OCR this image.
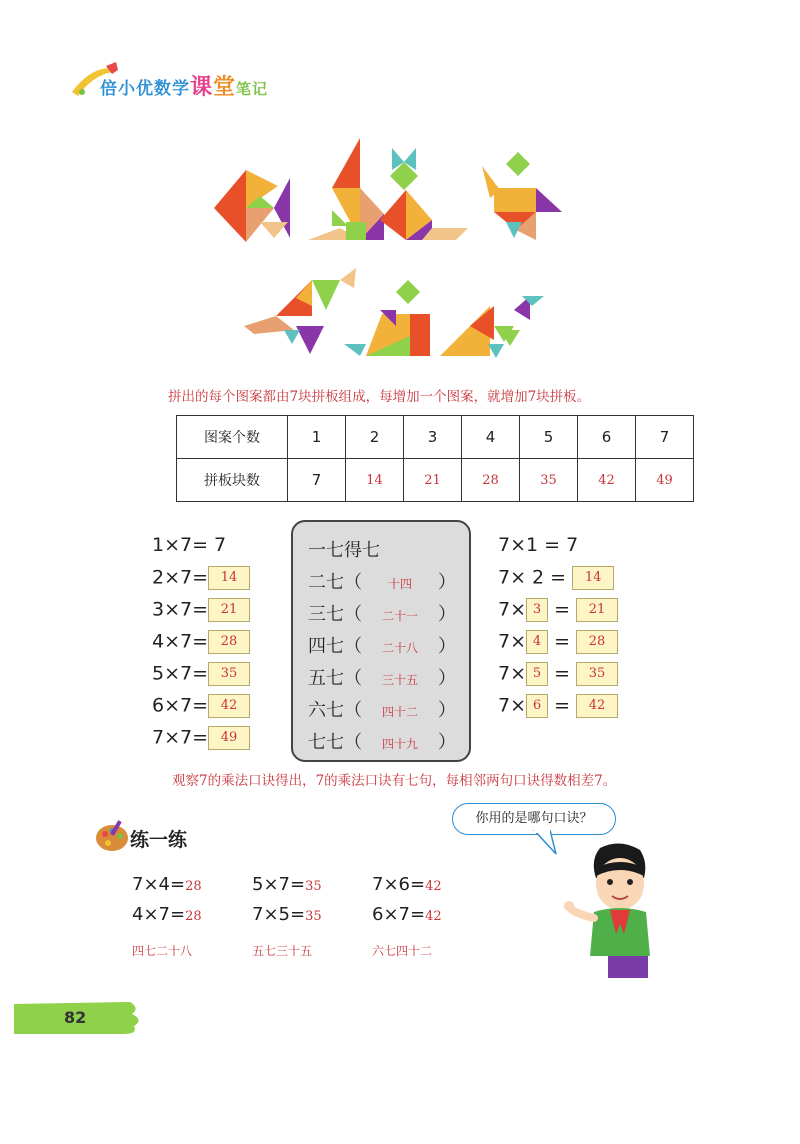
倍小优数学课堂笔记
拼出的每个图案都由7块拼板组成，每增加一个图案，就增加7块拼板。
图案个数	1	2	3	4	5	6	7
拼板块数	7	14	21	28	35	42	49
1×7= 7
2×7= 14
3×7= 21
4×7= 28
5×7= 35
6×7= 42
7×7= 49
一七得七
二七（ 十四 ）
三七（ 二十一 ）
四七（ 二十八 ）
五七（ 三十五 ）
六七（ 四十二 ）
七七（ 四十九 ）
7×1 = 7
7× 2 = 14
7× 3 = 21
7× 4 = 28
7× 5 = 35
7× 6 = 42
观察7的乘法口诀得出，7的乘法口诀有七句，每相邻两句口诀得数相差7。
练一练
你用的是哪句口诀？
7×4=28	5×7=35	7×6=42
4×7=28	7×5=35	6×7=42
四七二十八	五七三十五	六七四十二
82
